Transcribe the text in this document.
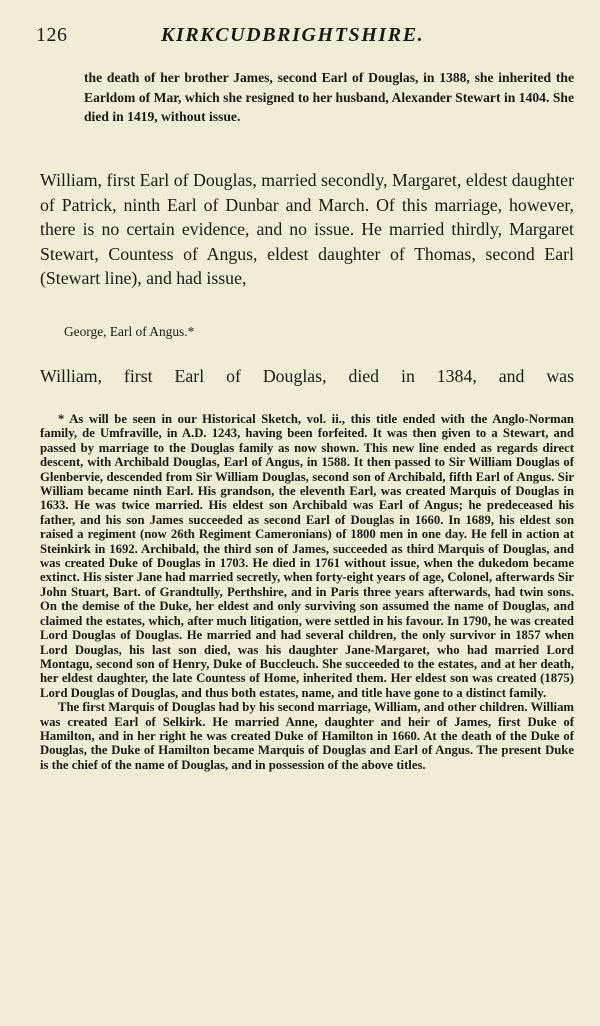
126	KIRKCUDBRIGHTSHIRE.
the death of her brother James, second Earl of Douglas, in 1388, she inherited the Earldom of Mar, which she resigned to her husband, Alexander Stewart in 1404. She died in 1419, without issue.
William, first Earl of Douglas, married secondly, Margaret, eldest daughter of Patrick, ninth Earl of Dunbar and March. Of this marriage, however, there is no certain evidence, and no issue. He married thirdly, Margaret Stewart, Countess of Angus, eldest daughter of Thomas, second Earl (Stewart line), and had issue,
George, Earl of Angus.*
William, first Earl of Douglas, died in 1384, and was

* As will be seen in our Historical Sketch, vol. ii., this title ended with the Anglo-Norman family, de Umfraville, in A.D. 1243, having been forfeited. It was then given to a Stewart, and passed by marriage to the Douglas family as now shown. This new line ended as regards direct descent, with Archibald Douglas, Earl of Angus, in 1588. It then passed to Sir William Douglas of Glenbervie, descended from Sir William Douglas, second son of Archibald, fifth Earl of Angus. Sir William became ninth Earl. His grandson, the eleventh Earl, was created Marquis of Douglas in 1633. He was twice married. His eldest son Archibald was Earl of Angus; he predeceased his father, and his son James succeeded as second Earl of Douglas in 1660. In 1689, his eldest son raised a regiment (now 26th Regiment Cameronians) of 1800 men in one day. He fell in action at Steinkirk in 1692. Archibald, the third son of James, succeeded as third Marquis of Douglas, and was created Duke of Douglas in 1703. He died in 1761 without issue, when the dukedom became extinct. His sister Jane had married secretly, when forty-eight years of age, Colonel, afterwards Sir John Stuart, Bart. of Grandtully, Perthshire, and in Paris three years afterwards, had twin sons. On the demise of the Duke, her eldest and only surviving son assumed the name of Douglas, and claimed the estates, which, after much litigation, were settled in his favour. In 1790, he was created Lord Douglas of Douglas. He married and had several children, the only survivor in 1857 when Lord Douglas, his last son died, was his daughter Jane-Margaret, who had married Lord Montagu, second son of Henry, Duke of Buccleuch. She succeeded to the estates, and at her death, her eldest daughter, the late Countess of Home, inherited them. Her eldest son was created (1875) Lord Douglas of Douglas, and thus both estates, name, and title have gone to a distinct family.

The first Marquis of Douglas had by his second marriage, William, and other children. William was created Earl of Selkirk. He married Anne, daughter and heir of James, first Duke of Hamilton, and in her right he was created Duke of Hamilton in 1660. At the death of the Duke of Douglas, the Duke of Hamilton became Marquis of Douglas and Earl of Angus. The present Duke is the chief of the name of Douglas, and in possession of the above titles.
